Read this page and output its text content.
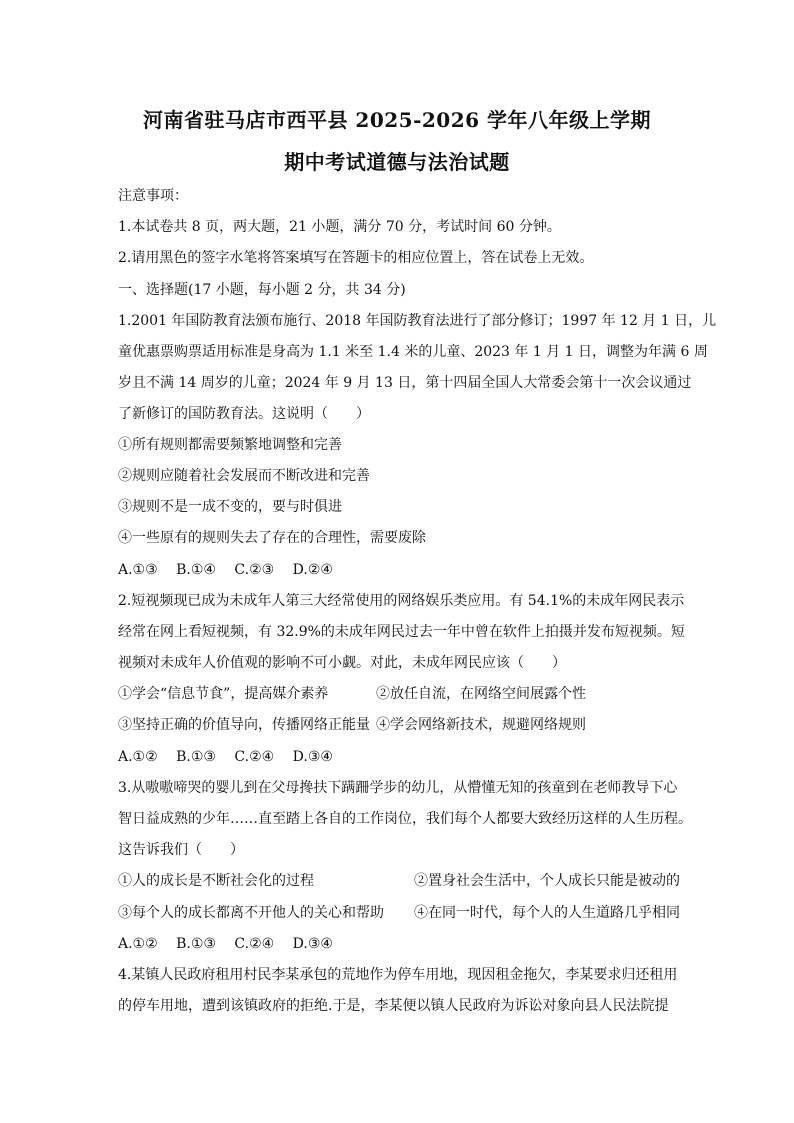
河南省驻马店市西平县 2025-2026 学年八年级上学期
期中考试道德与法治试题
注意事项：
1.本试卷共 8 页，两大题，21 小题，满分 70 分，考试时间 60 分钟。
2.请用黑色的签字水笔将答案填写在答题卡的相应位置上，答在试卷上无效。
一、选择题(17 小题，每小题 2 分，共 34 分)
1.2001 年国防教育法颁布施行、2018 年国防教育法进行了部分修订；1997 年 12 月 1 日，儿
童优惠票购票适用标准是身高为 1.1 米至 1.4 米的儿童、2023 年 1 月 1 日，调整为年满 6 周
岁且不满 14 周岁的儿童；2024 年 9 月 13 日，第十四届全国人大常委会第十一次会议通过
了新修订的国防教育法。这说明（　　）
①所有规则都需要频繁地调整和完善
②规则应随着社会发展而不断改进和完善
③规则不是一成不变的，要与时俱进
④一些原有的规则失去了存在的合理性，需要废除
A.①③ B.①④ C.②③ D.②④
2.短视频现已成为未成年人第三大经常使用的网络娱乐类应用。有 54.1%的未成年网民表示
经常在网上看短视频，有 32.9%的未成年网民过去一年中曾在软件上拍摄并发布短视频。短
视频对未成年人价值观的影响不可小觑。对此，未成年网民应该（　　）
①学会“信息节食”，提高媒介素养	②放任自流，在网络空间展露个性
③坚持正确的价值导向，传播网络正能量 ④学会网络新技术，规避网络规则
A.①② B.①③ C.②④ D.③④
3.从嗷嗷啼哭的婴儿到在父母搀扶下蹒跚学步的幼儿，从懵懂无知的孩童到在老师教导下心
智日益成熟的少年……直至踏上各自的工作岗位，我们每个人都要大致经历这样的人生历程。
这告诉我们（　　）
①人的成长是不断社会化的过程	②置身社会生活中，个人成长只能是被动的
③每个人的成长都离不开他人的关心和帮助 ④在同一时代，每个人的人生道路几乎相同
A.①② B.①③ C.②④ D.③④
4.某镇人民政府租用村民李某承包的荒地作为停车用地，现因租金拖欠，李某要求归还租用
的停车用地，遭到该镇政府的拒绝.于是，李某便以镇人民政府为诉讼对象向县人民法院提
